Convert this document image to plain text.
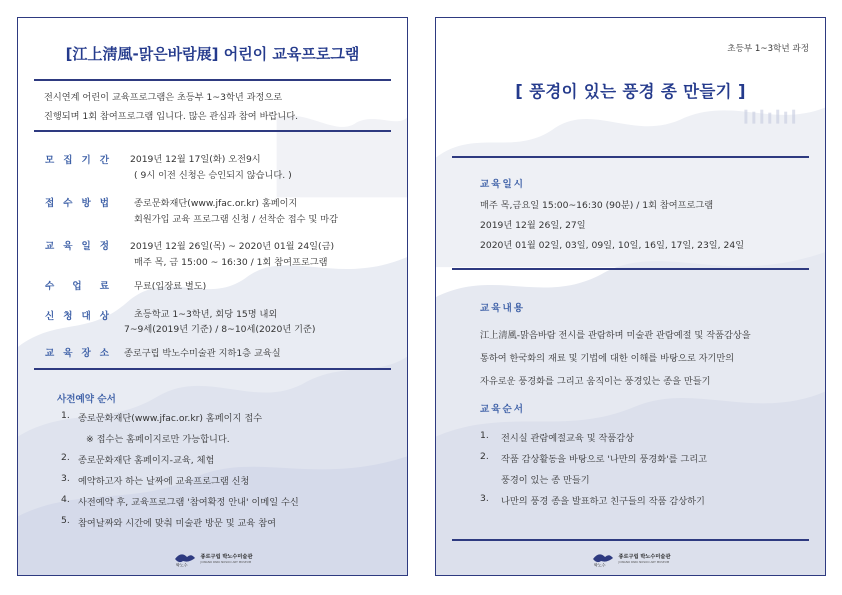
[江上淸風-맑은바람展] 어린이 교육프로그램
전시연계 어린이 교육프로그램은 초등부 1~3학년 과정으로
진행되며 1회 참여프로그램 입니다. 많은 관심과 참여 바랍니다.
모 집 기 간 2019년 12월 17일(화) 오전9시
( 9시 이전 신청은 승인되지 않습니다. )
접 수 방 법	종로문화재단(www.jfac.or.kr) 홈페이지
회원가입 교육 프로그램 신청 / 선착순 접수 및 마감
교 육 일 정 2019년 12월 26일(목) ~ 2020년 01월 24일(금)
매주 목, 금 15:00 ~ 16:30 / 1회 참여프로그램
수 업 료	무료(입장료 별도)
신 청 대 상	초등학교 1~3학년, 회당 15명 내외
7~9세(2019년 기준) / 8~10세(2020년 기준)
교 육 장 소 종로구립 박노수미술관 지하1층 교육실
사전예약 순서
1. 종로문화재단(www.jfac.or.kr) 홈페이지 접수
※ 접수는 홈페이지로만 가능합니다.
2. 종로문화재단 홈페이지-교육, 체험
3. 예약하고자 하는 날짜에 교육프로그램 신청
4. 사전예약 후, 교육프로그램 '참여확정 안내' 이메일 수신
5. 참여날짜와 시간에 맞춰 미술관 방문 및 교육 참여
박노수
종로구립 박노수미술관
JONGNO PARK NOSOO ART MUSEUM
초등부 1~3학년 과정
[ 풍경이 있는 풍경 종 만들기 ]
교육일시
매주 목,금요일 15:00~16:30 (90분) / 1회 참여프로그램
2019년 12월 26일, 27일
2020년 01월 02일, 03일, 09일, 10일, 16일, 17일, 23일, 24일
교육내용
江上淸風-맑음바람 전시를 관람하며 미술관 관람예절 및 작품감상을
통하여 한국화의 재료 및 기법에 대한 이해를 바탕으로 자기만의
자유로운 풍경화를 그리고 움직이는 풍경있는 종을 만들기
교육순서
1. 전시실 관람예절교육 및 작품감상
2. 작품 감상활동을 바탕으로 '나만의 풍경화'를 그리고
풍경이 있는 종 만들기
3. 나만의 풍경 종을 발표하고 친구들의 작품 감상하기
박노수
종로구립 박노수미술관
JONGNO PARK NOSOO ART MUSEUM
